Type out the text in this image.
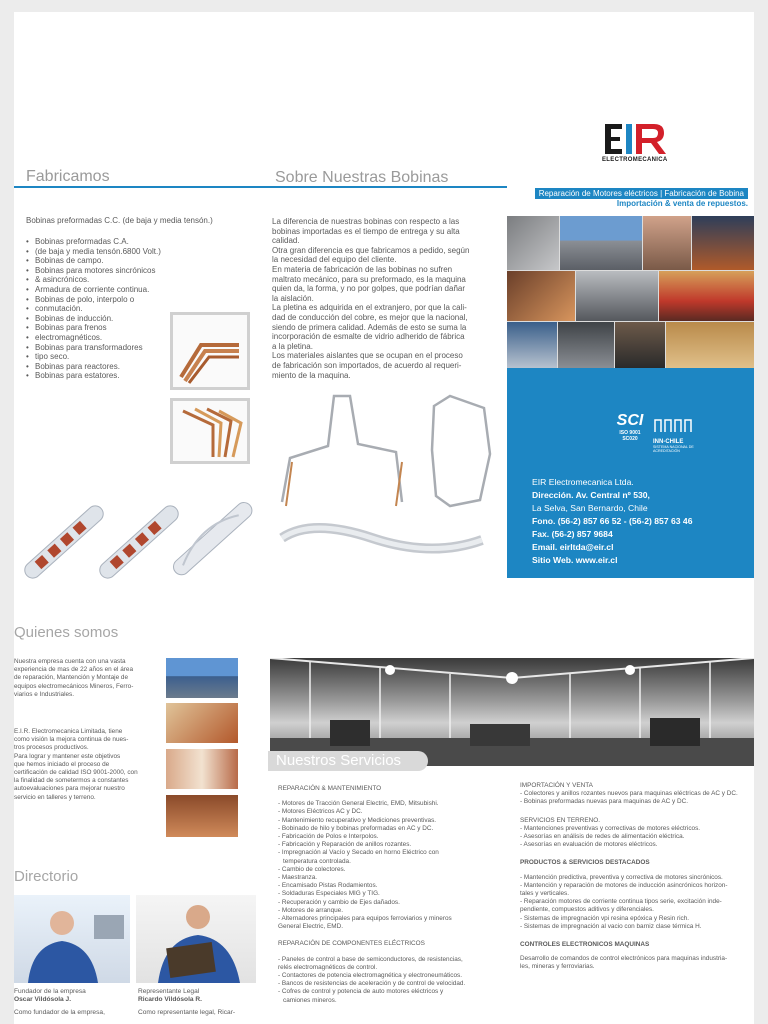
ELECTROMECANICA
Fabricamos	Sobre Nuestras Bobinas
Reparación de Motores eléctricos | Fabricación de Bobina
Importación & venta de repuestos.
Bobinas preformadas C.C. (de baja y media tensón.)
• Bobinas preformadas C.A.
• (de baja y media tensón.6800 Volt.)
• Bobinas de campo.
• Bobinas para motores sincrónicos
• & asincrónicos.
• Armadura de corriente continua.
• Bobinas de polo, interpolo o
• conmutación.
• Bobinas de inducción.
• Bobinas para frenos
• electromagnéticos.
• Bobinas para transformadores
• tipo seco.
• Bobinas para reactores.
• Bobinas para estatores.
La diferencia de nuestras bobinas con respecto a las
bobinas importadas es el tiempo de entrega y su alta
calidad.
Otra gran diferencia es que fabricamos a pedido, según
la necesidad del equipo del cliente.
En materia de fabricación de las bobinas no sufren
maltrato mecánico, para su preformado, es la maquina
quien da, la forma, y no por golpes, que podrían dañar
la aislación.
La pletina es adquirida en el extranjero, por que la cali-
dad de conducción del cobre, es mejor que la nacional,
siendo de primera calidad. Además de esto se suma la
incorporación de esmalte de vidrio adherido de fábrica
a la pletina.
Los materiales aislantes que se ocupan en el proceso
de fabricación son importados, de acuerdo al requeri-
miento de la maquina.
SCI
ISO 9001
SC020	INN-CHILE
SISTEMA NACIONAL DE ACREDITACIÓN
EIR Electromecanica Ltda.
Dirección. Av. Central nº 530,
La Selva, San Bernardo, Chile
Fono. (56-2) 857 66 52 - (56-2) 857 63 46
Fax. (56-2) 857 9684
Email. eirltda@eir.cl
Sitio Web. www.eir.cl
Quienes somos
Nuestra empresa cuenta con una vasta
experiencia de mas de 22 años en el área
de reparación, Mantención y Montaje de
equipos electromecánicos Mineros, Ferro-
viarios e Industriales.
E.I.R. Electromecanica Limitada, tiene
como visión la mejora continua de nues-
tros procesos productivos.
Para lograr y mantener este objetivos
que hemos iniciado el proceso de
certificación de calidad ISO 9001-2000, con
la finalidad de sometermos a constantes
autoevaluaciones para mejorar nuestro
servicio en talleres y terreno.
Nuestros Servicios
Directorio
Fundador de la empresa
Oscar Vildósola J.
Como fundador de la empresa,
Representante Legal
Ricardo Vildósola R.
Como representante legal, Ricar-
REPARACIÓN & MANTENIMIENTO
- Motores de Tracción General Electric, EMD, Mitsubishi.
- Motores Eléctricos AC y DC.
- Mantenimiento recuperativo y Mediciones preventivas.
- Bobinado de hilo y bobinas preformadas en AC y DC.
- Fabricación de Polos e Interpolos.
- Fabricación y Reparación de anillos rozantes.
- Impregnación al Vacío y Secado en horno Eléctrico con
temperatura controlada.
- Cambio de colectores.
- Maestranza.
- Encamisado Pistas Rodamientos.
- Soldaduras Especiales MIG y TIG.
- Recuperación y cambio de Ejes dañados.
- Motores de arranque.
- Alternadores principales para equipos ferroviarios y mineros
General Electric, EMD.
REPARACIÓN DE COMPONENTES ELÉCTRICOS
- Paneles de control a base de semiconductores, de resistencias,
relés electromagnéticos de control.
- Contactores de potencia electromagnética y electroneumáticos.
- Bancos de resistencias de aceleración y de control de velocidad.
- Cofres de control y potencia de auto motores eléctricos y
camiones mineros.
IMPORTACIÓN Y VENTA
- Colectores y anillos rozantes nuevos para maquinas eléctricas de AC y DC.
- Bobinas preformadas nuevas para maquinas de AC y DC.
SERVICIOS EN TERRENO.
- Mantenciones preventivas y correctivas de motores eléctricos.
- Asesorías en análisis de redes de alimentación eléctrica.
- Asesorías en evaluación de motores eléctricos.
PRODUCTOS & SERVICIOS DESTACADOS
- Mantención predictiva, preventiva y correctiva de motores sincrónicos.
- Mantención y reparación de motores de inducción asincrónicos horizon-
tales y verticales.
- Reparación motores de corriente continua tipos serie, excitación inde-
pendiente, compuestos aditivos y diferenciales.
- Sistemas de impregnación vpi resina epóxica y Resin rich.
- Sistemas de impregnación al vacio con barniz clase térmica H.
CONTROLES ELECTRONICOS MAQUINAS
Desarrollo de comandos de control electrónicos para maquinas industria-
les, mineras y ferroviarias.
